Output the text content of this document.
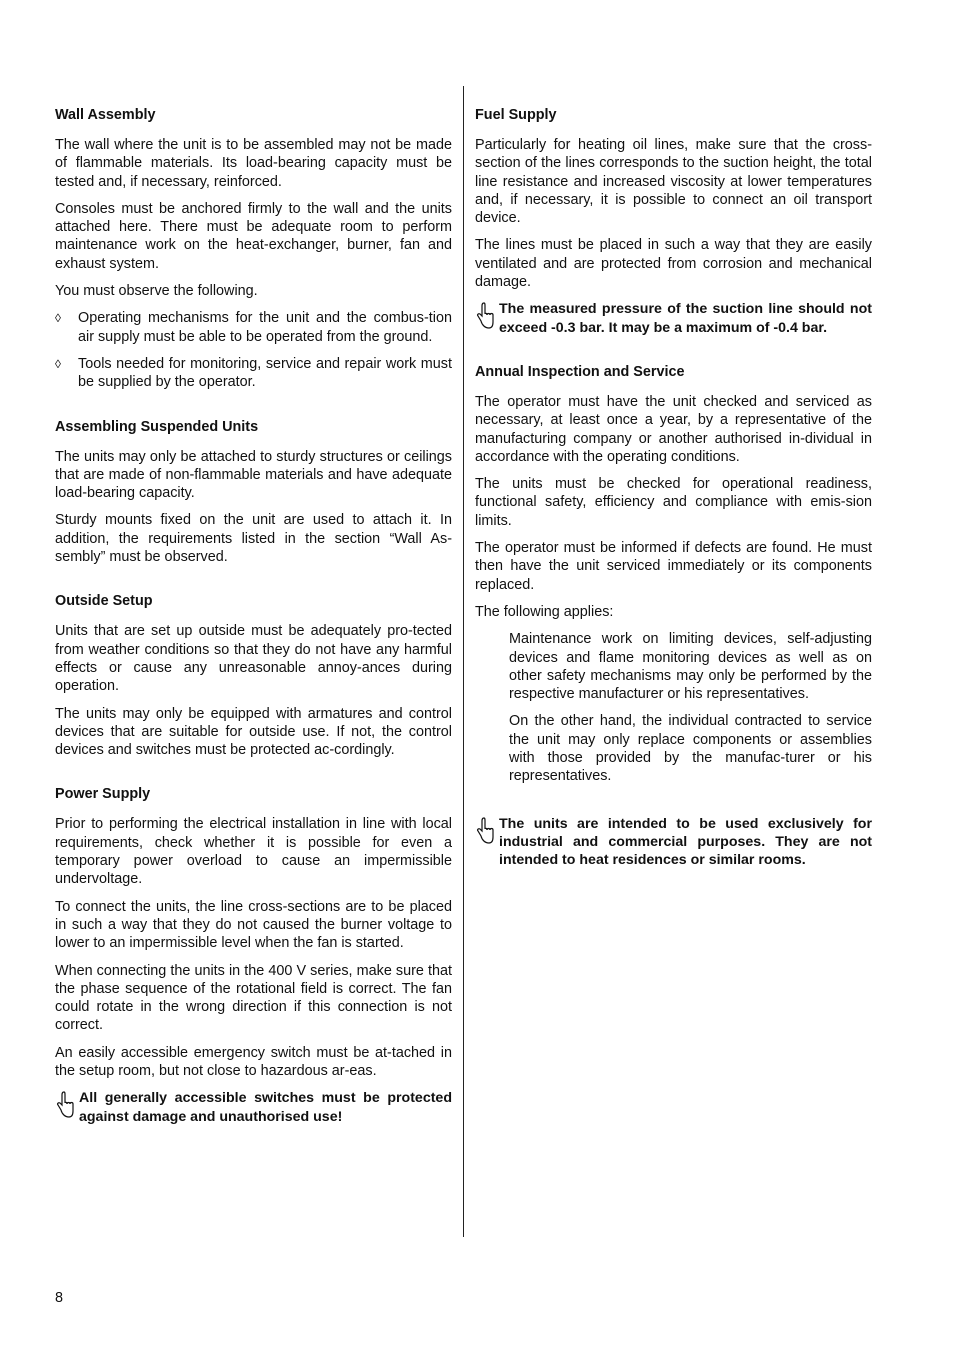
Wall Assembly

The wall where the unit is to be assembled may not be made of flammable materials. Its load-bearing capacity must be tested and, if necessary, reinforced.

Consoles must be anchored firmly to the wall and the units attached here. There must be adequate room to perform maintenance work on the heat-exchanger, burner, fan and exhaust system.

You must observe the following.

◊	Operating mechanisms for the unit and the combus-tion air supply must be able to be operated from the ground.
◊	Tools needed for monitoring, service and repair work must be supplied by the operator.
Assembling Suspended Units

The units may only be attached to sturdy structures or ceilings that are made of non-flammable materials and have adequate load-bearing capacity.

Sturdy mounts fixed on the unit are used to attach it. In addition, the requirements listed in the section “Wall As-sembly” must be observed.

Outside Setup

Units that are set up outside must be adequately pro-tected from weather conditions so that they do not have any harmful effects or cause any unreasonable annoy-ances during operation.

The units may only be equipped with armatures and control devices that are suitable for outside use. If not, the control devices and switches must be protected ac-cordingly.

Power Supply

Prior to performing the electrical installation in line with local requirements, check whether it is possible for even a temporary power overload to cause an impermissible undervoltage.

To connect the units, the line cross-sections are to be placed in such a way that they do not caused the burner voltage to lower to an impermissible level when the fan is started.

When connecting the units in the 400 V series, make sure that the phase sequence of the rotational field is correct. The fan could rotate in the wrong direction if this connection is not correct.

An easily accessible emergency switch must be at-tached in the setup room, but not close to hazardous ar-eas.

All generally accessible switches must be protected against damage and unauthorised use!
Fuel Supply

Particularly for heating oil lines, make sure that the cross-section of the lines corresponds to the suction height, the total line resistance and increased viscosity at lower temperatures and, if necessary, it is possible to connect an oil transport device.

The lines must be placed in such a way that they are easily ventilated and are protected from corrosion and mechanical damage.

The measured pressure of the suction line should not exceed -0.3 bar. It may be a maximum of -0.4 bar.
Annual Inspection and Service

The operator must have the unit checked and serviced as necessary, at least once a year, by a representative of the manufacturing company or another authorised in-dividual in accordance with the operating conditions.

The units must be checked for operational readiness, functional safety, efficiency and compliance with emis-sion limits.

The operator must be informed if defects are found. He must then have the unit serviced immediately or its components replaced.

The following applies:

Maintenance work on limiting devices, self-adjusting devices and flame monitoring devices as well as on other safety mechanisms may only be performed by the respective manufacturer or his representatives.

On the other hand, the individual contracted to service the unit may only replace components or assemblies with those provided by the manufac-turer or his representatives.

The units are intended to be used exclusively for industrial and commercial purposes. They are not intended to heat residences or similar rooms.
8
